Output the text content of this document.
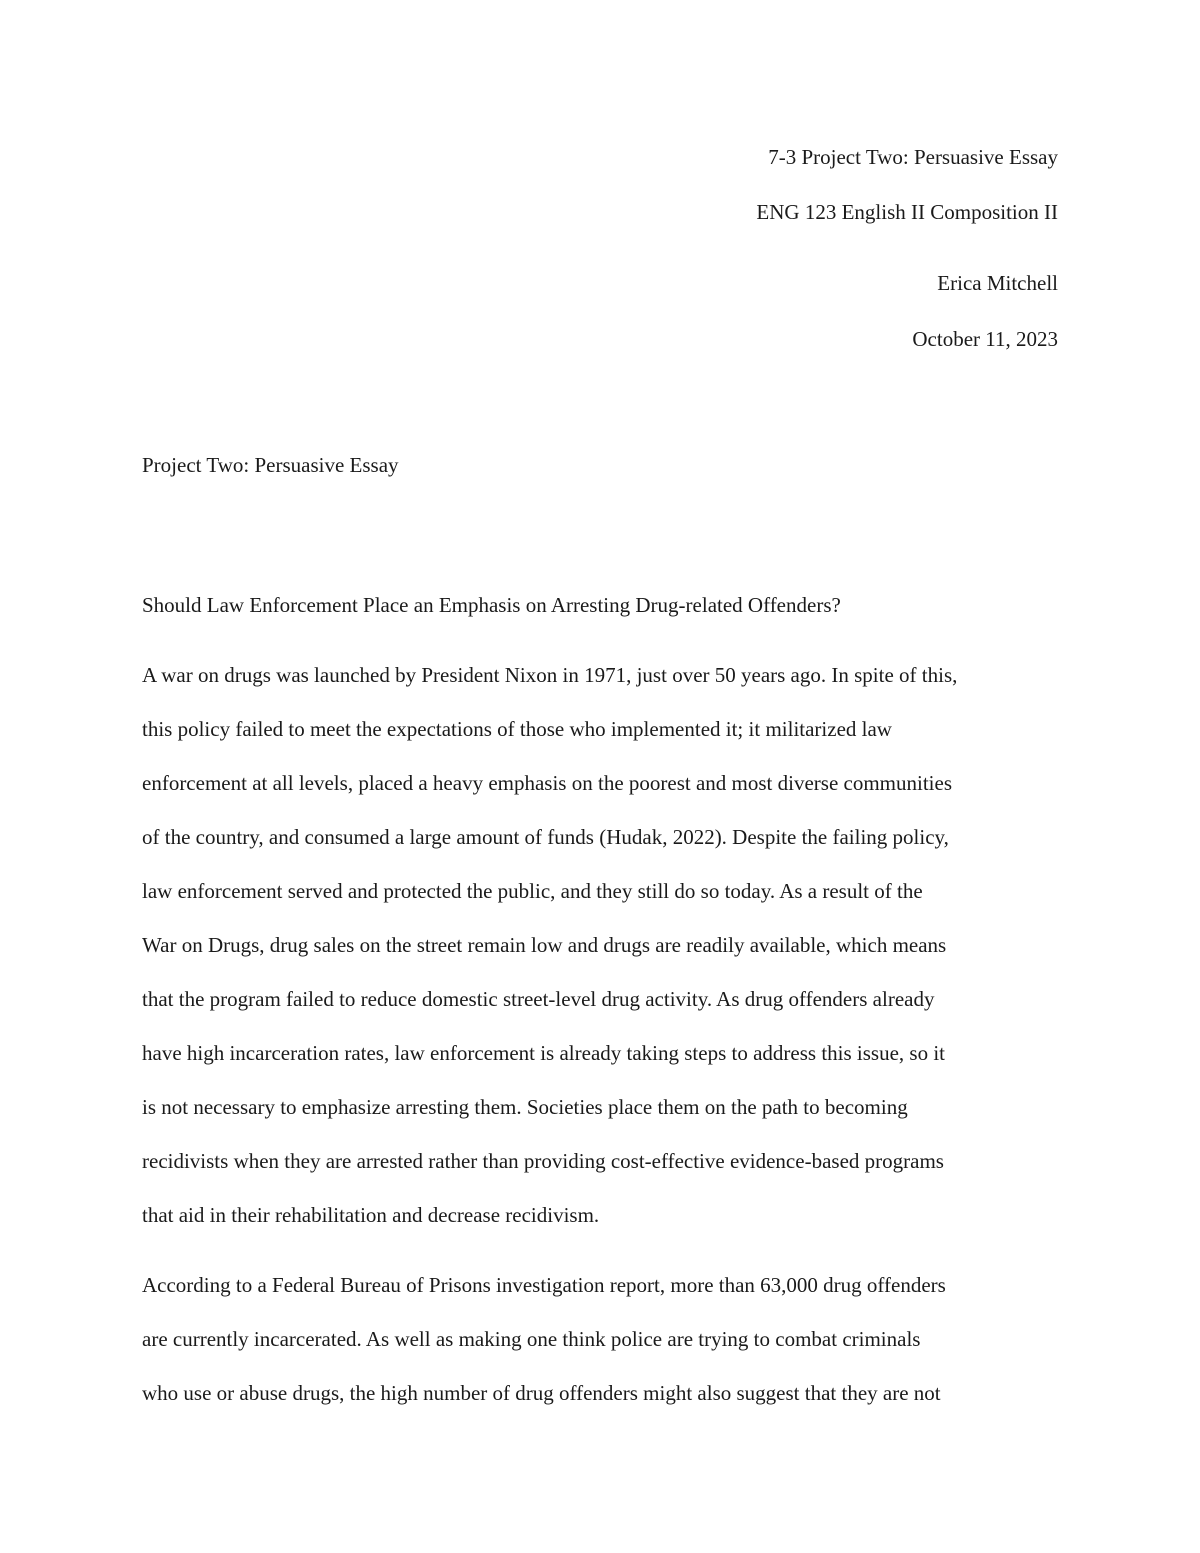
7-3 Project Two: Persuasive Essay
ENG 123 English II Composition II
Erica Mitchell
October 11, 2023
Project Two: Persuasive Essay
Should Law Enforcement Place an Emphasis on Arresting Drug-related Offenders?
A war on drugs was launched by President Nixon in 1971, just over 50 years ago. In spite of this,
this policy failed to meet the expectations of those who implemented it; it militarized law
enforcement at all levels, placed a heavy emphasis on the poorest and most diverse communities
of the country, and consumed a large amount of funds (Hudak, 2022). Despite the failing policy,
law enforcement served and protected the public, and they still do so today. As a result of the
War on Drugs, drug sales on the street remain low and drugs are readily available, which means
that the program failed to reduce domestic street-level drug activity. As drug offenders already
have high incarceration rates, law enforcement is already taking steps to address this issue, so it
is not necessary to emphasize arresting them. Societies place them on the path to becoming
recidivists when they are arrested rather than providing cost-effective evidence-based programs
that aid in their rehabilitation and decrease recidivism.
According to a Federal Bureau of Prisons investigation report, more than 63,000 drug offenders
are currently incarcerated. As well as making one think police are trying to combat criminals
who use or abuse drugs, the high number of drug offenders might also suggest that they are not
